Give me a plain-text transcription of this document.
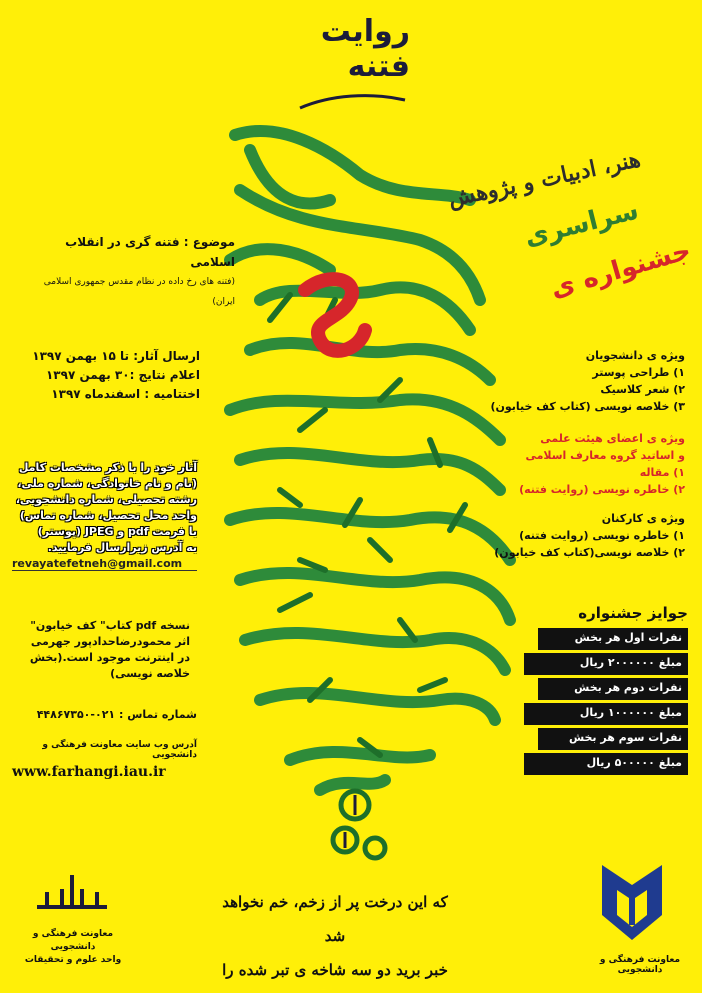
روایت فتنه
هنر، ادبیات و پژوهش
سراسری
جشنواره ی
موضوع : فتنه گری در انقلاب اسلامی
(فتنه های رخ داده در نظام مقدس جمهوری اسلامی ایران)
ارسال آثار: تا ۱۵ بهمن ۱۳۹۷
اعلام نتایج :۳۰ بهمن ۱۳۹۷
اختتامیه : اسفندماه ۱۳۹۷
ویژه ی دانشجویان
۱) طراحی پوستر
۲) شعر کلاسیک
۳) خلاصه نویسی (کتاب کف خیابون)
ویژه ی اعضای هیئت علمی
و اساتید گروه معارف اسلامی
۱) مقاله
۲) خاطره نویسی (روایت فتنه)
ویژه ی کارکنان
۱) خاطره نویسی (روایت فتنه)
۲) خلاصه نویسی(کتاب کف خیابون)
آثار خود را با ذکر مشخصات کامل
(نام و نام خانوادگی، شماره ملی،
رشته تحصیلی، شماره دانشجویی،
واحد محل تحصیل، شماره تماس)
با فرمت pdf و JPEG (پوستر)
به آدرس زیرارسال فرمایید.
revayatefetneh@gmail.com
نسخه pdf کتاب" کف خیابون"
اثر محمودرضاحدادپور جهرمی
در اینترنت موجود است.(بخش
خلاصه نویسی)
شماره تماس : ۰۲۱-۴۴۸۶۷۳۵۰
آدرس وب سایت معاونت فرهنگی و دانشجویی
www.farhangi.iau.ir
جوایز جشنواره
نفرات اول هر بخش
مبلغ ۲۰۰۰۰۰۰ ریال
نفرات دوم هر بخش
مبلغ ۱۰۰۰۰۰۰ ریال
نفرات سوم هر بخش
مبلغ ۵۰۰۰۰۰ ریال
که این درخت پر از زخم، خم نخواهد شد
خبر برید دو سه شاخه ی تبر شده را
معاونت فرهنگی و دانشجویی
واحد علوم و تحقیقات	معاونت فرهنگی و دانشجویی
